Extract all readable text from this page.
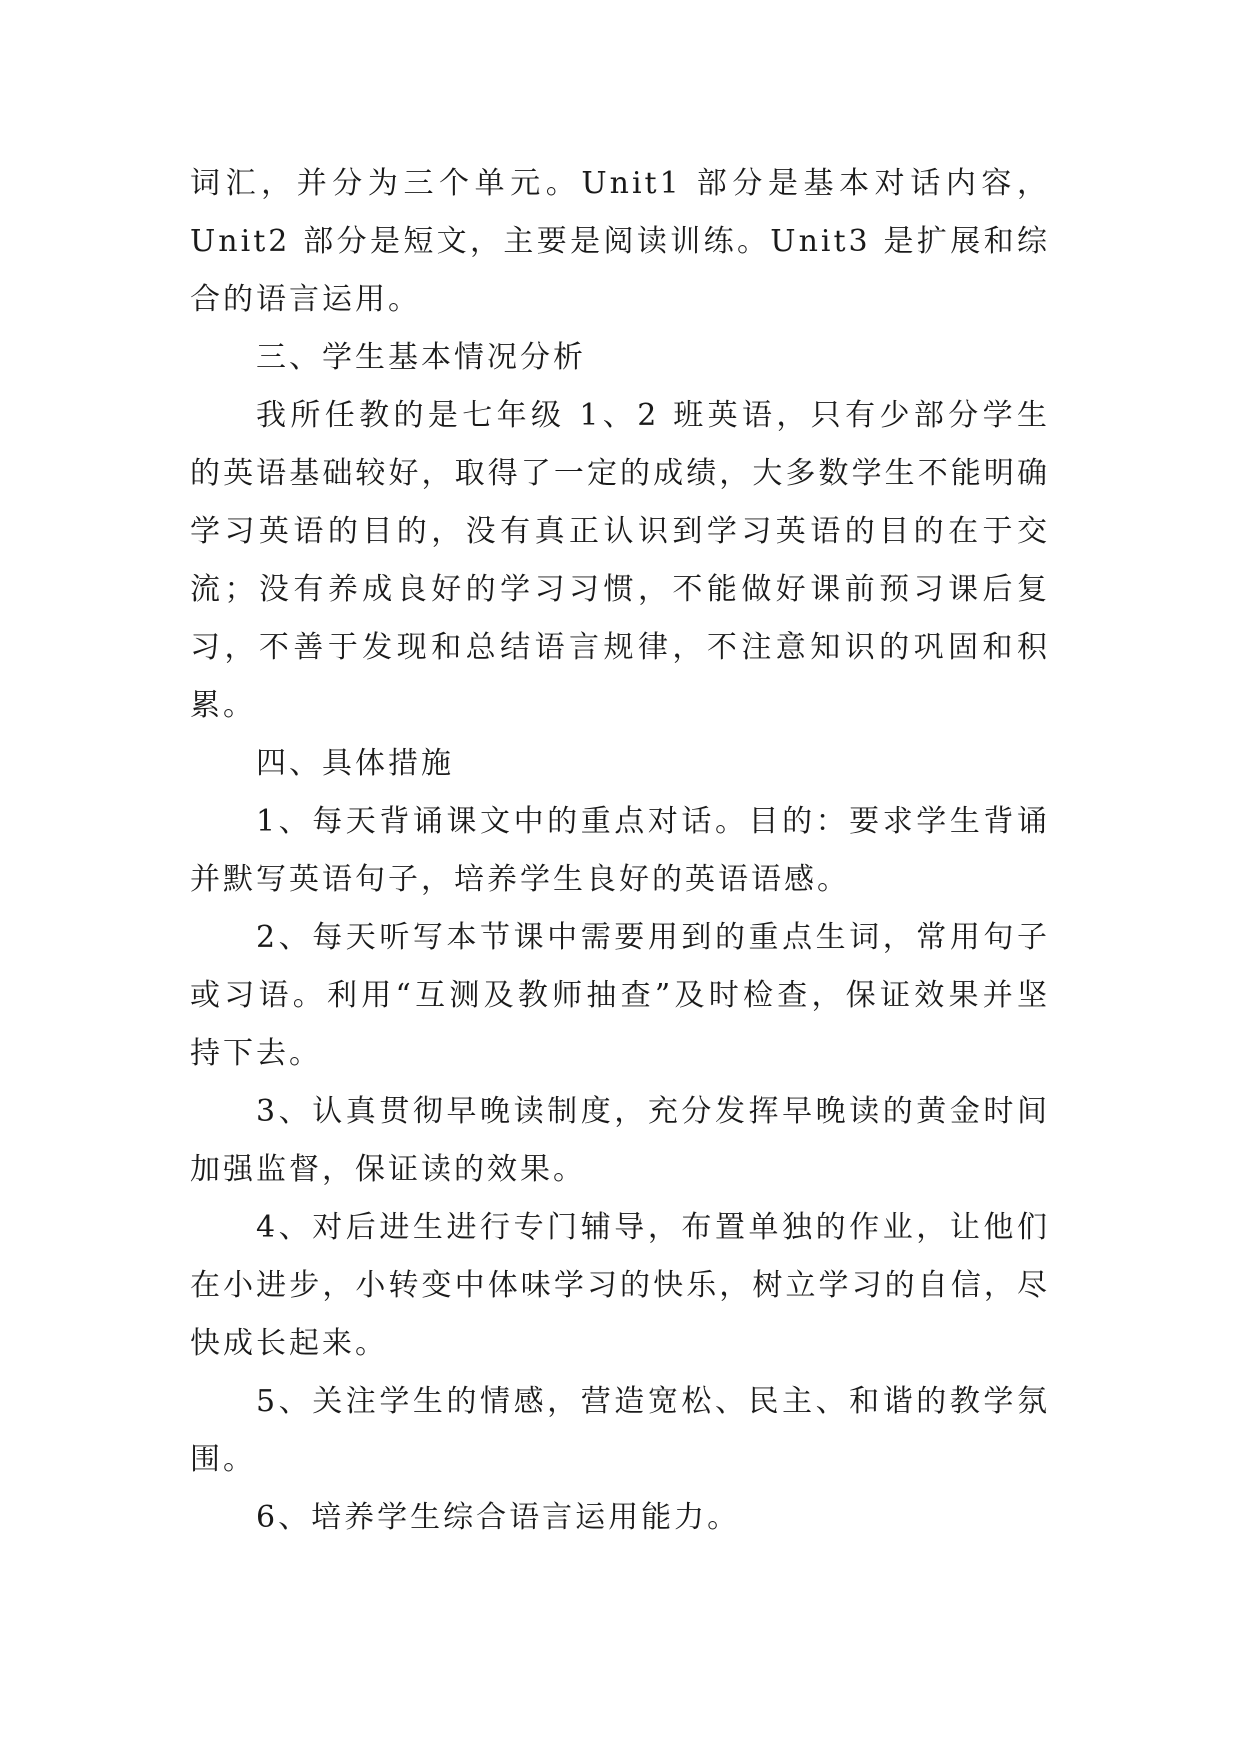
词汇，并分为三个单元。Unit1 部分是基本对话内容，Unit2 部分是短文，主要是阅读训练。Unit3 是扩展和综合的语言运用。

三、学生基本情况分析

我所任教的是七年级 1、2 班英语，只有少部分学生的英语基础较好，取得了一定的成绩，大多数学生不能明确学习英语的目的，没有真正认识到学习英语的目的在于交流；没有养成良好的学习习惯，不能做好课前预习课后复习，不善于发现和总结语言规律，不注意知识的巩固和积累。

四、具体措施

1、每天背诵课文中的重点对话。目的：要求学生背诵并默写英语句子，培养学生良好的英语语感。

2、每天听写本节课中需要用到的重点生词，常用句子或习语。利用“互测及教师抽查”及时检查，保证效果并坚持下去。

3、认真贯彻早晚读制度，充分发挥早晚读的黄金时间加强监督，保证读的效果。

4、对后进生进行专门辅导，布置单独的作业，让他们在小进步，小转变中体味学习的快乐，树立学习的自信，尽快成长起来。

5、关注学生的情感，营造宽松、民主、和谐的教学氛围。

6、培养学生综合语言运用能力。
